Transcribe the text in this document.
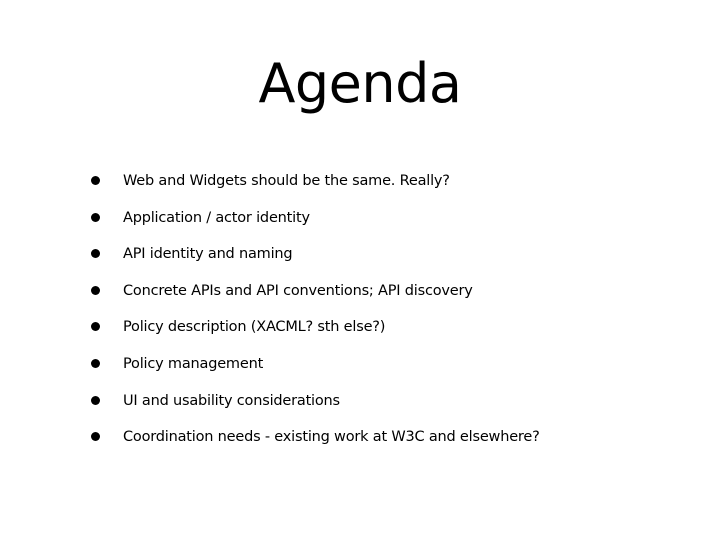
Agenda
Web and Widgets should be the same. Really?
Application / actor identity
API identity and naming
Concrete APIs and API conventions; API discovery
Policy description (XACML? sth else?)
Policy management
UI and usability considerations
Coordination needs - existing work at W3C and elsewhere?
